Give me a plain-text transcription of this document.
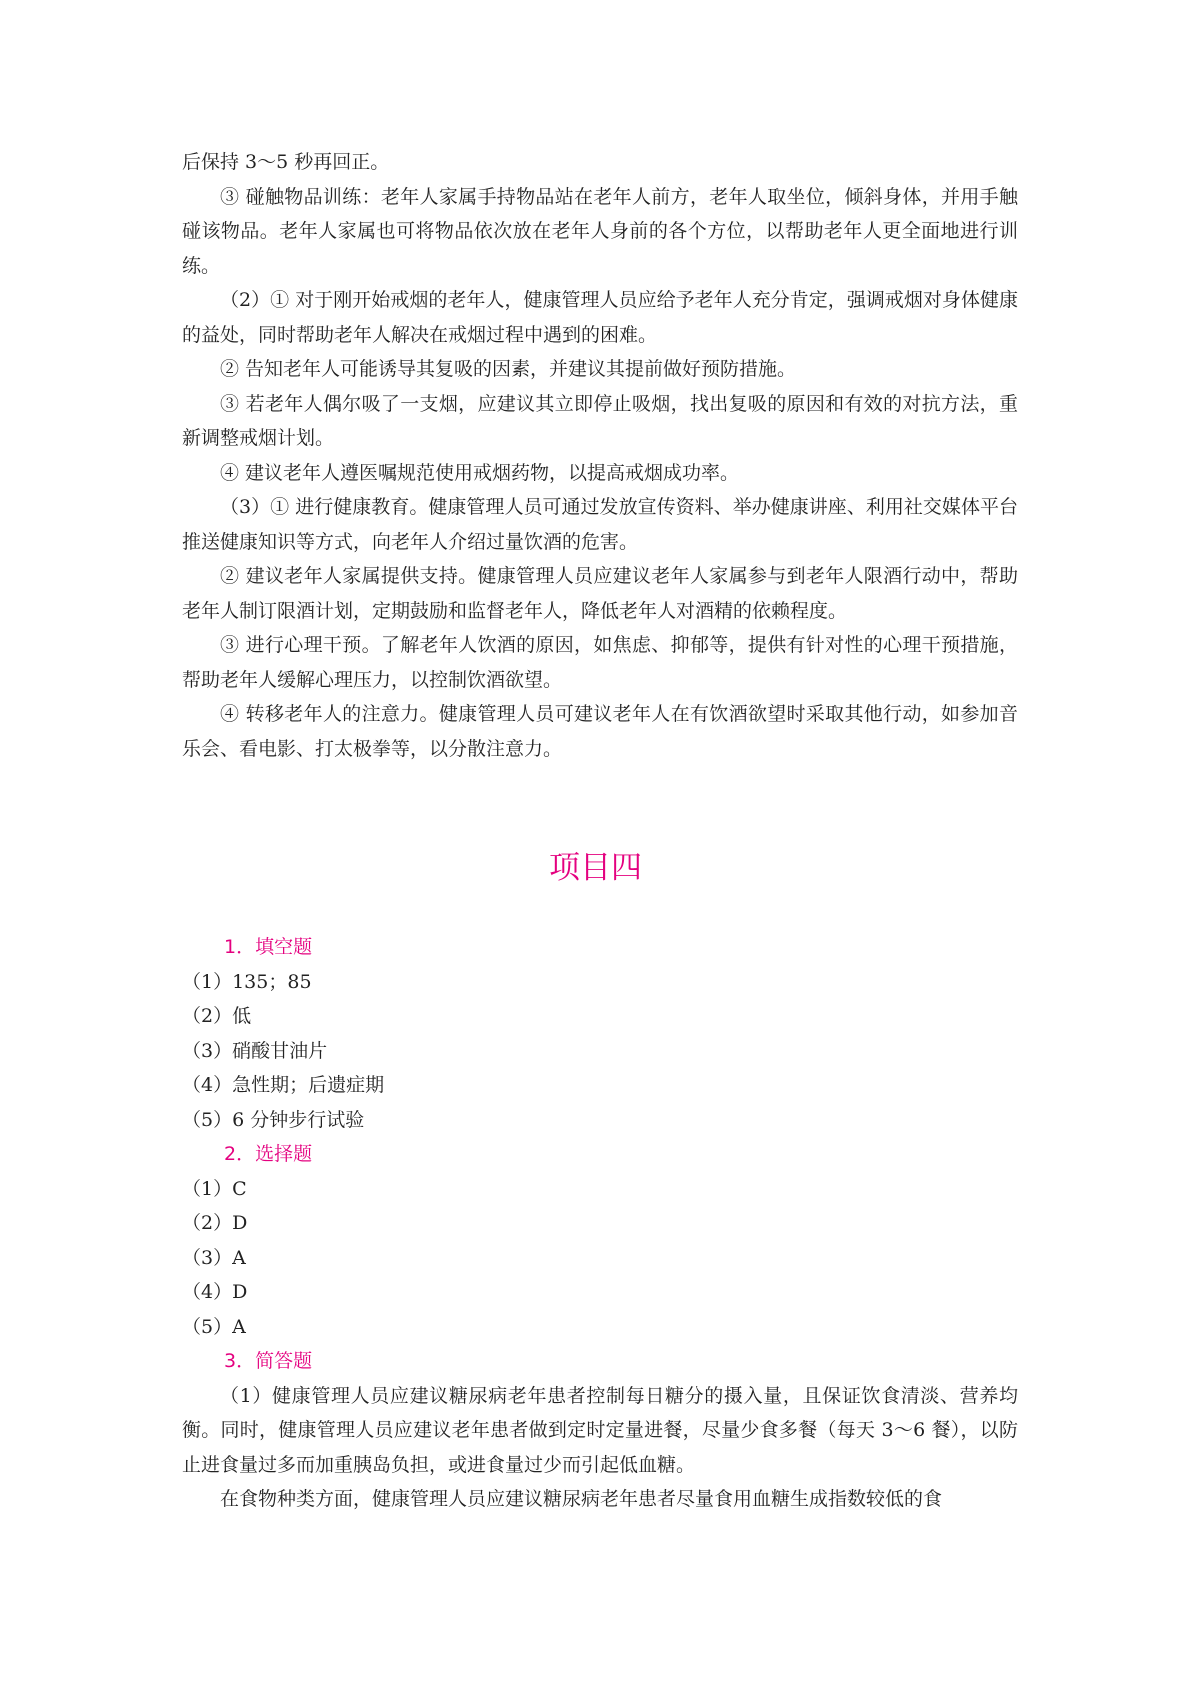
后保持 3～5 秒再回正。

③ 碰触物品训练：老年人家属手持物品站在老年人前方，老年人取坐位，倾斜身体，并用手触碰该物品。老年人家属也可将物品依次放在老年人身前的各个方位，以帮助老年人更全面地进行训练。

（2）① 对于刚开始戒烟的老年人，健康管理人员应给予老年人充分肯定，强调戒烟对身体健康的益处，同时帮助老年人解决在戒烟过程中遇到的困难。

② 告知老年人可能诱导其复吸的因素，并建议其提前做好预防措施。

③ 若老年人偶尔吸了一支烟，应建议其立即停止吸烟，找出复吸的原因和有效的对抗方法，重新调整戒烟计划。

④ 建议老年人遵医嘱规范使用戒烟药物，以提高戒烟成功率。

（3）① 进行健康教育。健康管理人员可通过发放宣传资料、举办健康讲座、利用社交媒体平台推送健康知识等方式，向老年人介绍过量饮酒的危害。

② 建议老年人家属提供支持。健康管理人员应建议老年人家属参与到老年人限酒行动中，帮助老年人制订限酒计划，定期鼓励和监督老年人，降低老年人对酒精的依赖程度。

③ 进行心理干预。了解老年人饮酒的原因，如焦虑、抑郁等，提供有针对性的心理干预措施，帮助老年人缓解心理压力，以控制饮酒欲望。

④ 转移老年人的注意力。健康管理人员可建议老年人在有饮酒欲望时采取其他行动，如参加音乐会、看电影、打太极拳等，以分散注意力。

项目四
1．填空题

（1）135；85

（2）低

（3）硝酸甘油片

（4）急性期；后遗症期

（5）6 分钟步行试验

2．选择题

（1）C

（2）D

（3）A

（4）D

（5）A

3．简答题

（1）健康管理人员应建议糖尿病老年患者控制每日糖分的摄入量，且保证饮食清淡、营养均衡。同时，健康管理人员应建议老年患者做到定时定量进餐，尽量少食多餐（每天 3～6 餐），以防止进食量过多而加重胰岛负担，或进食量过少而引起低血糖。

在食物种类方面，健康管理人员应建议糖尿病老年患者尽量食用血糖生成指数较低的食
